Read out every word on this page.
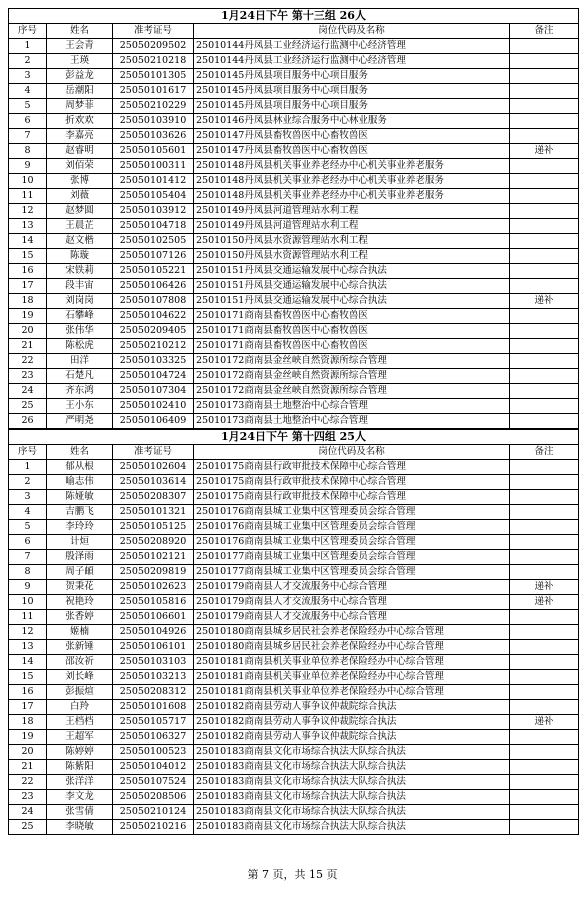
1月24日下午 第十三组 26人				
序号	姓名	准考证号	岗位代码及名称	备注
1	王会青	25050209502	25010144丹凤县工业经济运行监测中心经济管理	
2	王瑛	25050210218	25010144丹凤县工业经济运行监测中心经济管理	
3	彭益龙	25050101305	25010145丹凤县项目服务中心项目服务	
4	岳潮阳	25050101617	25010145丹凤县项目服务中心项目服务	
5	周梦菲	25050210229	25010145丹凤县项目服务中心项目服务	
6	折欢欢	25050103910	25010146丹凤县林业综合服务中心林业服务	
7	李嘉亮	25050103626	25010147丹凤县畜牧兽医中心畜牧兽医	
8	赵睿明	25050105601	25010147丹凤县畜牧兽医中心畜牧兽医	递补
9	刘佰荣	25050100311	25010148丹凤县机关事业养老经办中心机关事业养老服务	
10	张博	25050101412	25010148丹凤县机关事业养老经办中心机关事业养老服务	
11	刘薇	25050105404	25010148丹凤县机关事业养老经办中心机关事业养老服务	
12	赵梦圆	25050103912	25010149丹凤县河道管理站水利工程	
13	王晨芷	25050104718	25010149丹凤县河道管理站水利工程	
14	赵文楷	25050102505	25010150丹凤县水资源管理站水利工程	
15	陈璇	25050107126	25010150丹凤县水资源管理站水利工程	
16	宋铁莉	25050105221	25010151丹凤县交通运输发展中心综合执法	
17	段丰宙	25050106426	25010151丹凤县交通运输发展中心综合执法	
18	刘岗岗	25050107808	25010151丹凤县交通运输发展中心综合执法	递补
19	石攀峰	25050104622	25010171商南县畜牧兽医中心畜牧兽医	
20	张伟华	25050209405	25010171商南县畜牧兽医中心畜牧兽医	
21	陈松虎	25050210212	25010171商南县畜牧兽医中心畜牧兽医	
22	田洋	25050103325	25010172商南县金丝峡自然资源所综合管理	
23	石楚凡	25050104724	25010172商南县金丝峡自然资源所综合管理	
24	齐东鸿	25050107304	25010172商南县金丝峡自然资源所综合管理	
25	王小东	25050102410	25010173商南县土地整治中心综合管理	
26	严明尧	25050106409	25010173商南县土地整治中心综合管理	
1月24日下午 第十四组 25人				
序号	姓名	准考证号	岗位代码及名称	备注
1	郁从根	25050102604	25010175商南县行政审批技术保障中心综合管理	
2	喻志伟	25050103614	25010175商南县行政审批技术保障中心综合管理	
3	陈娅敏	25050208307	25010175商南县行政审批技术保障中心综合管理	
4	吉鹏飞	25050101321	25010176商南县城工业集中区管理委员会综合管理	
5	李玲玲	25050105125	25010176商南县城工业集中区管理委员会综合管理	
6	计烜	25050208920	25010176商南县城工业集中区管理委员会综合管理	
7	殷泽雨	25050102121	25010177商南县城工业集中区管理委员会综合管理	
8	周子頔	25050209819	25010177商南县城工业集中区管理委员会综合管理	
9	贺秉花	25050102623	25010179商南县人才交流服务中心综合管理	递补
10	祝艳玲	25050105816	25010179商南县人才交流服务中心综合管理	递补
11	张香婷	25050106601	25010179商南县人才交流服务中心综合管理	
12	姬楠	25050104926	25010180商南县城乡居民社会养老保险经办中心综合管理	
13	张新锤	25050106101	25010180商南县城乡居民社会养老保险经办中心综合管理	
14	邵汝祈	25050103103	25010181商南县机关事业单位养老保险经办中心综合管理	
15	刘长峰	25050103213	25010181商南县机关事业单位养老保险经办中心综合管理	
16	彭振煊	25050208312	25010181商南县机关事业单位养老保险经办中心综合管理	
17	白羚	25050101608	25010182商南县劳动人事争议仲裁院综合执法	
18	王档档	25050105717	25010182商南县劳动人事争议仲裁院综合执法	递补
19	王超军	25050106327	25010182商南县劳动人事争议仲裁院综合执法	
20	陈婷婷	25050100523	25010183商南县文化市场综合执法大队综合执法	
21	陈紫阳	25050104012	25010183商南县文化市场综合执法大队综合执法	
22	张洋洋	25050107524	25010183商南县文化市场综合执法大队综合执法	
23	李文龙	25050208506	25010183商南县文化市场综合执法大队综合执法	
24	张雪倩	25050210124	25010183商南县文化市场综合执法大队综合执法	
25	李晓敏	25050210216	25010183商南县文化市场综合执法大队综合执法	
第 7 页，共 15 页
